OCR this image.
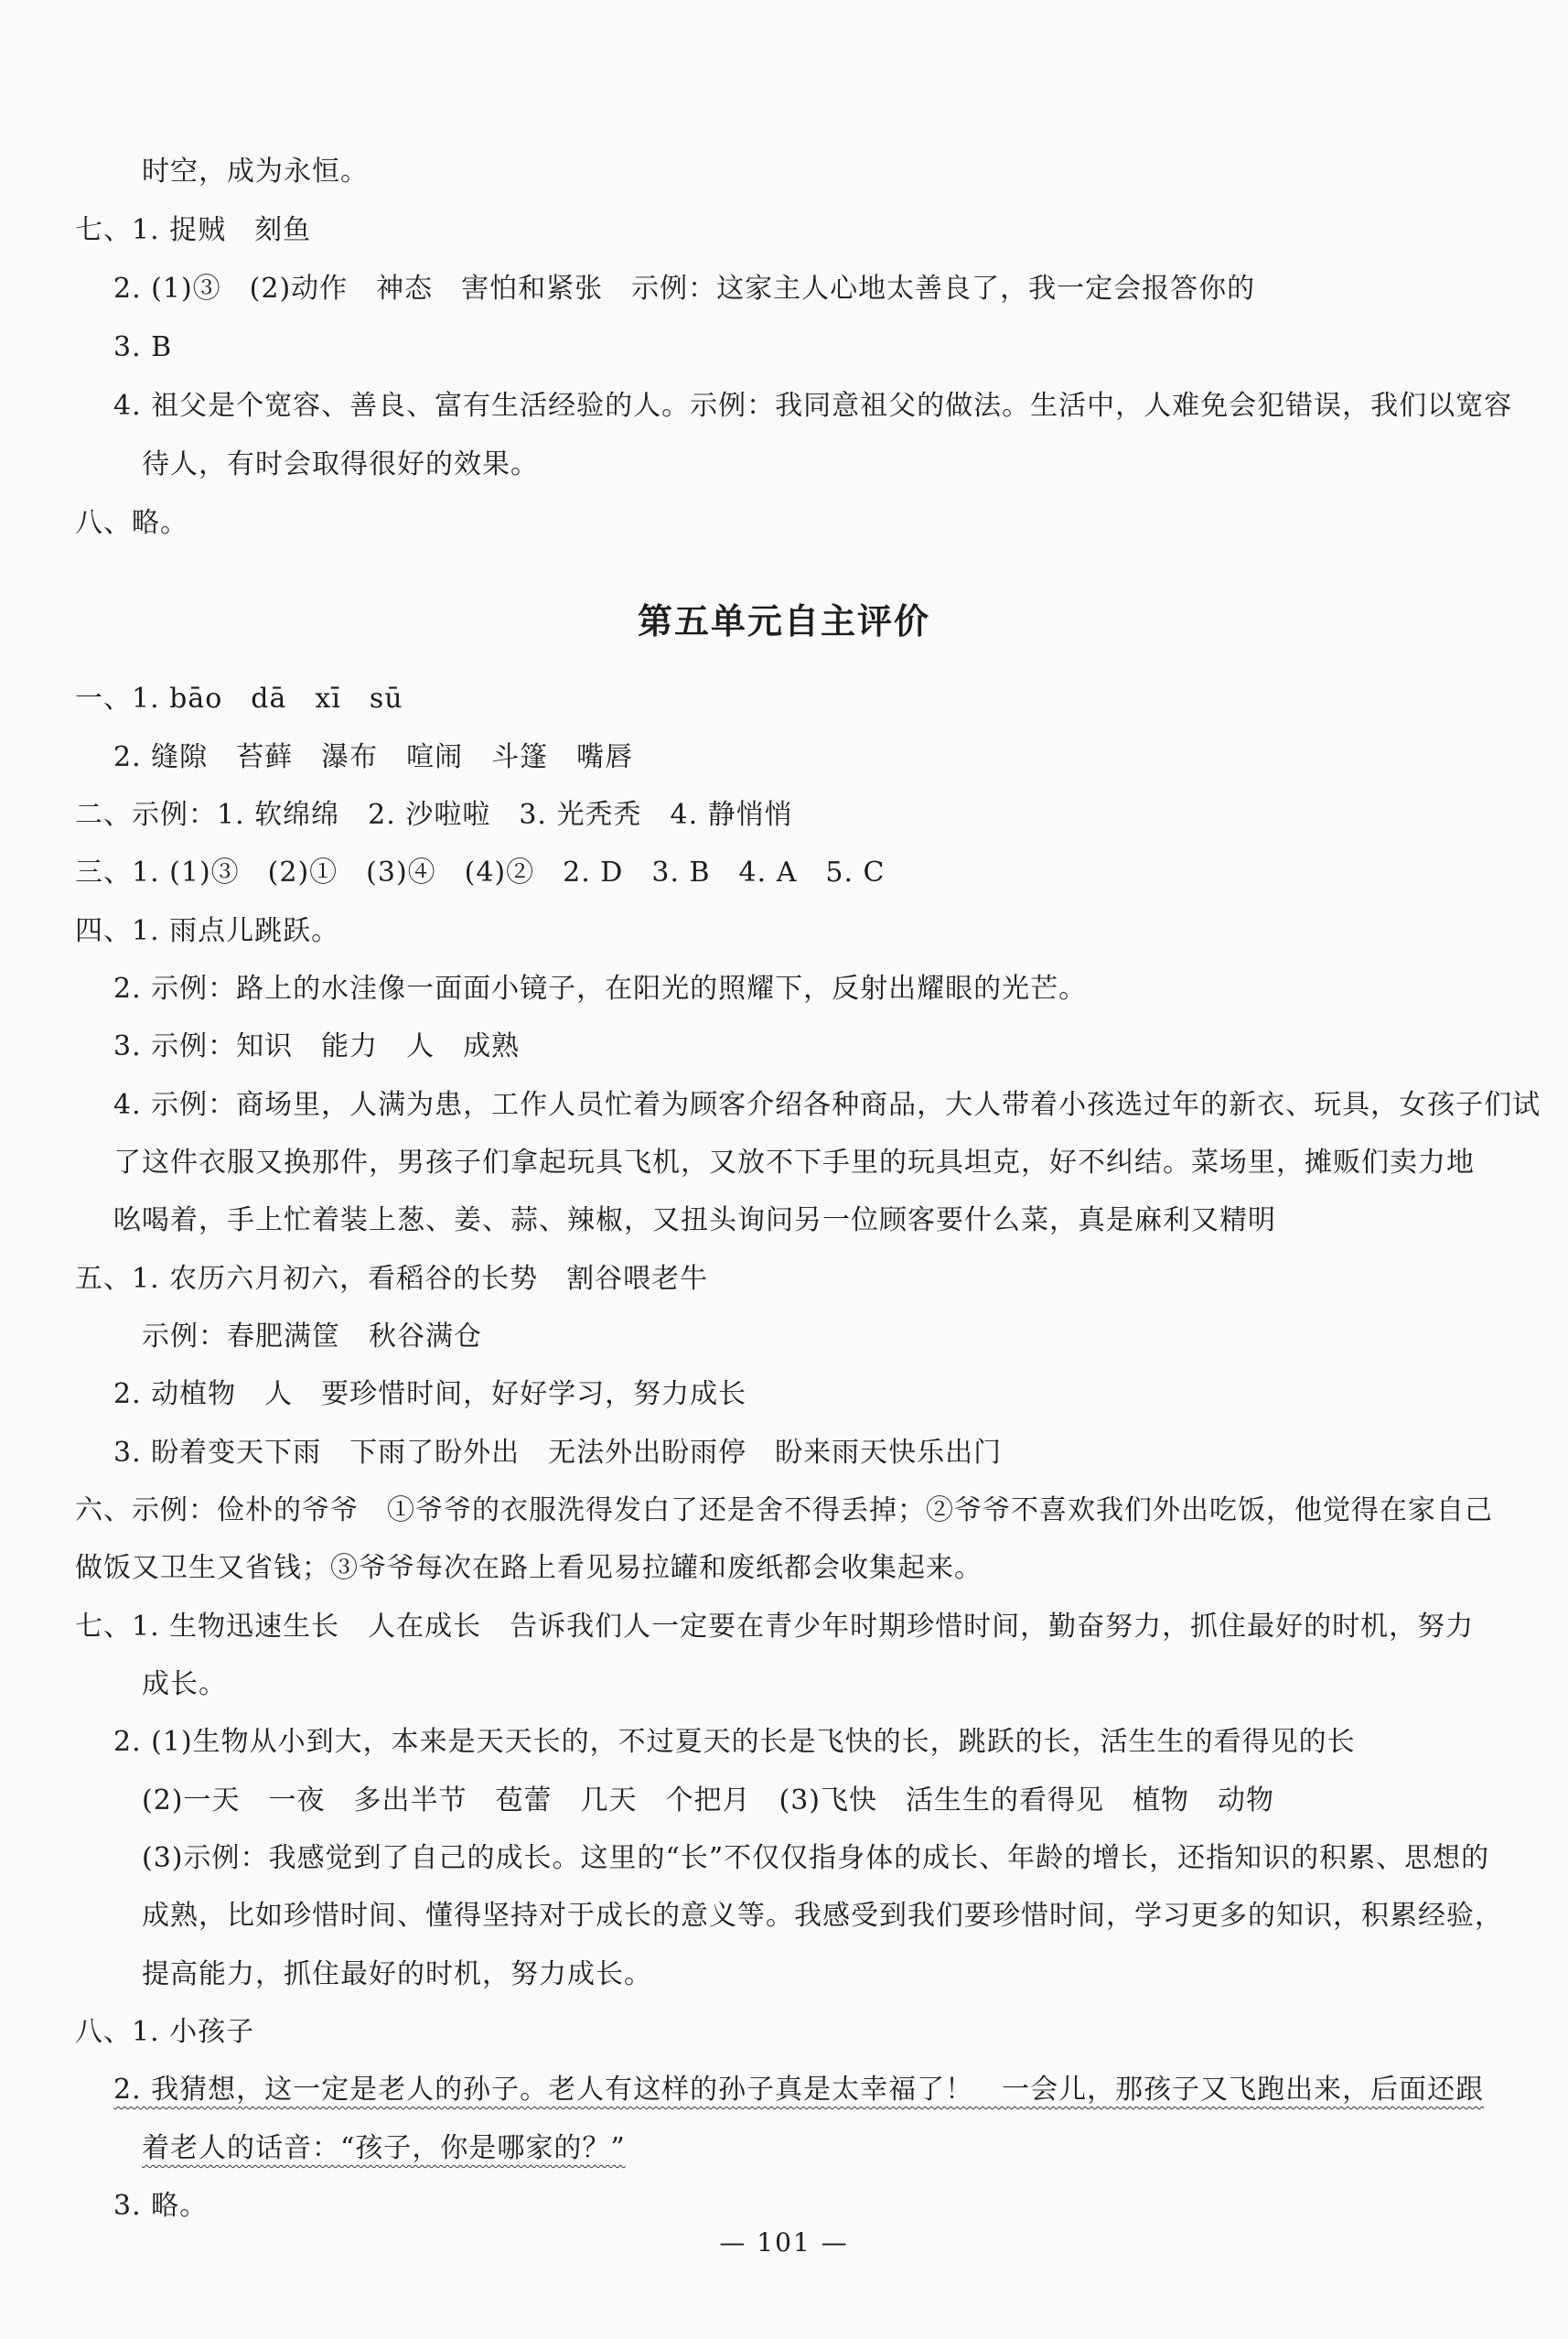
时空，成为永恒。
七、1. 捉贼　刻鱼
2. (1)③　(2)动作　神态　害怕和紧张　示例：这家主人心地太善良了，我一定会报答你的
3. B
4. 祖父是个宽容、善良、富有生活经验的人。示例：我同意祖父的做法。生活中，人难免会犯错误，我们以宽容
待人，有时会取得很好的效果。
八、略。
第五单元自主评价
一、1. bāo　dā　xī　sū
2. 缝隙　苔藓　瀑布　喧闹　斗篷　嘴唇
二、示例：1. 软绵绵　2. 沙啦啦　3. 光秃秃　4. 静悄悄
三、1. (1)③　(2)①　(3)④　(4)②　2. D　3. B　4. A　5. C
四、1. 雨点儿跳跃。
2. 示例：路上的水洼像一面面小镜子，在阳光的照耀下，反射出耀眼的光芒。
3. 示例：知识　能力　人　成熟
4. 示例：商场里，人满为患，工作人员忙着为顾客介绍各种商品，大人带着小孩选过年的新衣、玩具，女孩子们试
了这件衣服又换那件，男孩子们拿起玩具飞机，又放不下手里的玩具坦克，好不纠结。菜场里，摊贩们卖力地
吆喝着，手上忙着装上葱、姜、蒜、辣椒，又扭头询问另一位顾客要什么菜，真是麻利又精明
五、1. 农历六月初六，看稻谷的长势　割谷喂老牛
示例：春肥满筐　秋谷满仓
2. 动植物　人　要珍惜时间，好好学习，努力成长
3. 盼着变天下雨　下雨了盼外出　无法外出盼雨停　盼来雨天快乐出门
六、示例：俭朴的爷爷　①爷爷的衣服洗得发白了还是舍不得丢掉；②爷爷不喜欢我们外出吃饭，他觉得在家自己
做饭又卫生又省钱；③爷爷每次在路上看见易拉罐和废纸都会收集起来。
七、1. 生物迅速生长　人在成长　告诉我们人一定要在青少年时期珍惜时间，勤奋努力，抓住最好的时机，努力
成长。
2. (1)生物从小到大，本来是天天长的，不过夏天的长是飞快的长，跳跃的长，活生生的看得见的长
(2)一天　一夜　多出半节　苞蕾　几天　个把月　(3)飞快　活生生的看得见　植物　动物
(3)示例：我感觉到了自己的成长。这里的“长”不仅仅指身体的成长、年龄的增长，还指知识的积累、思想的
成熟，比如珍惜时间、懂得坚持对于成长的意义等。我感受到我们要珍惜时间，学习更多的知识，积累经验，
提高能力，抓住最好的时机，努力成长。
八、1. 小孩子
2. 我猜想，这一定是老人的孙子。老人有这样的孙子真是太幸福了！　一会儿，那孩子又飞跑出来，后面还跟
着老人的话音：“孩子，你是哪家的？”
3. 略。
— 101 —
